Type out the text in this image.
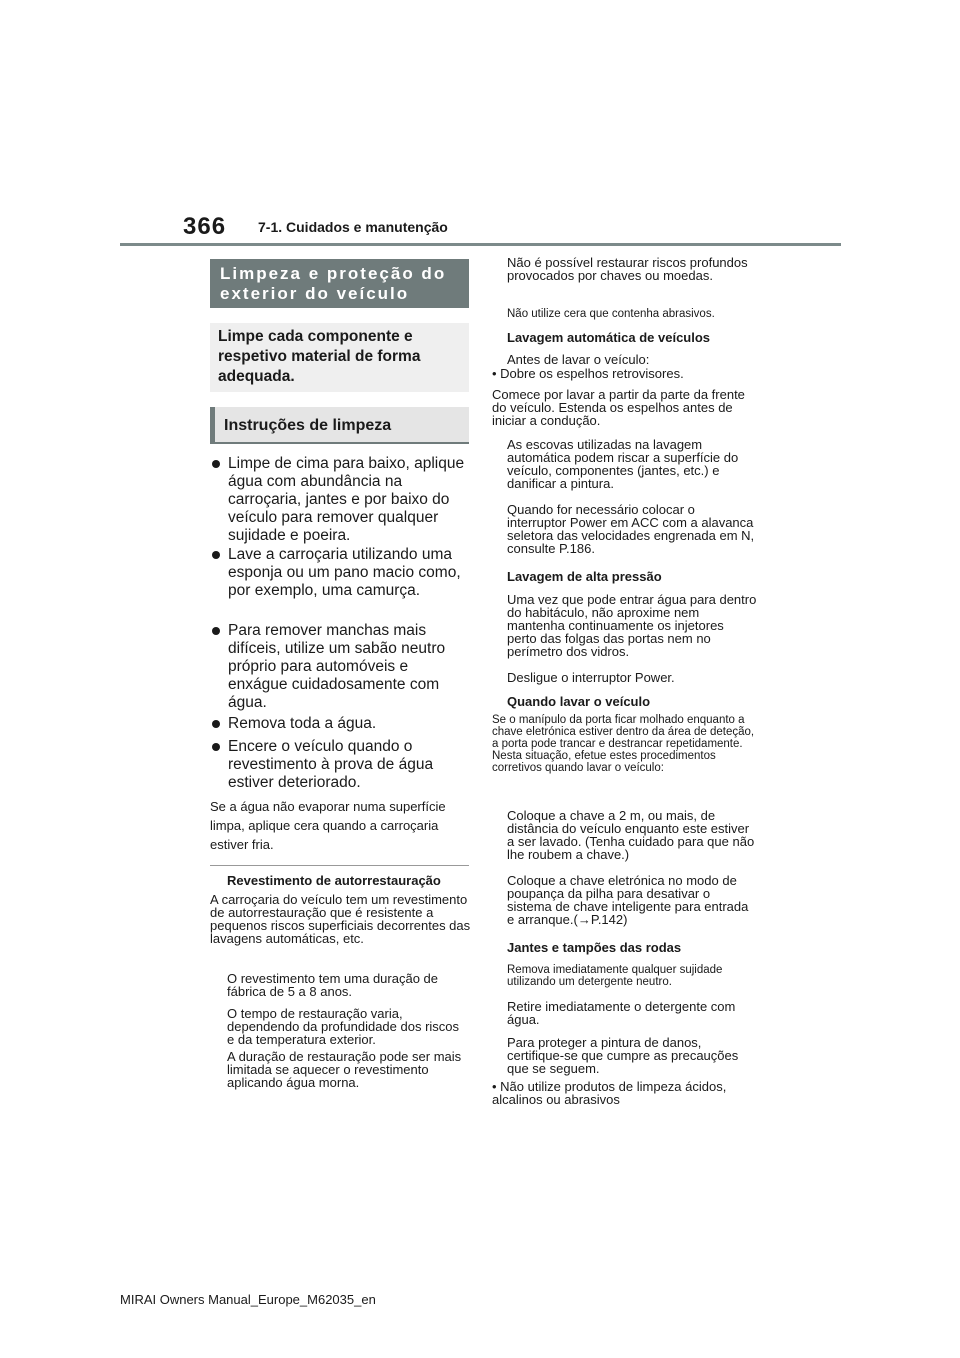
366 7-1. Cuidados e manutenção
Limpeza e proteção do exterior do veículo
Limpe cada componente e respetivo material de forma adequada.
Instruções de limpeza
Limpe de cima para baixo, aplique água com abundância na carroçaria, jantes e por baixo do veículo para remover qualquer sujidade e poeira.
Lave a carroçaria utilizando uma esponja ou um pano macio como, por exemplo, uma camurça.
Para remover manchas mais difíceis, utilize um sabão neutro próprio para automóveis e enxágue cuidadosamente com água.
Remova toda a água.
Encere o veículo quando o revestimento à prova de água estiver deteriorado.
Se a água não evaporar numa superfície limpa, aplique cera quando a carroçaria estiver fria.
Revestimento de autorrestauração
A carroçaria do veículo tem um revestimento de autorrestauração que é resistente a pequenos riscos superficiais decorrentes das lavagens automáticas, etc.
O revestimento tem uma duração de fábrica de 5 a 8 anos.
O tempo de restauração varia, dependendo da profundidade dos riscos e da temperatura exterior.
A duração de restauração pode ser mais limitada se aquecer o revestimento aplicando água morna.
Não é possível restaurar riscos profundos provocados por chaves ou moedas.
Não utilize cera que contenha abrasivos.
Lavagem automática de veículos
Antes de lavar o veículo:
• Dobre os espelhos retrovisores.
Comece por lavar a partir da parte da frente do veículo. Estenda os espelhos antes de iniciar a condução.
As escovas utilizadas na lavagem automática podem riscar a superfície do veículo, componentes (jantes, etc.) e danificar a pintura.
Quando for necessário colocar o interruptor Power em ACC com a alavanca seletora das velocidades engrenada em N, consulte P.186.
Lavagem de alta pressão
Uma vez que pode entrar água para dentro do habitáculo, não aproxime nem mantenha continuamente os injetores perto das folgas das portas nem no perímetro dos vidros.
Desligue o interruptor Power.
Quando lavar o veículo
Se o manípulo da porta ficar molhado enquanto a chave eletrónica estiver dentro da área de deteção, a porta pode trancar e destrancar repetidamente. Nesta situação, efetue estes procedimentos corretivos quando lavar o veículo:
Coloque a chave a 2 m, ou mais, de distância do veículo enquanto este estiver a ser lavado. (Tenha cuidado para que não lhe roubem a chave.)
Coloque a chave eletrónica no modo de poupança da pilha para desativar o sistema de chave inteligente para entrada e arranque.(→P.142)
Jantes e tampões das rodas
Remova imediatamente qualquer sujidade utilizando um detergente neutro.
Retire imediatamente o detergente com água.
Para proteger a pintura de danos, certifique-se que cumpre as precauções que se seguem.
• Não utilize produtos de limpeza ácidos, alcalinos ou abrasivos
MIRAI Owners Manual_Europe_M62035_en
